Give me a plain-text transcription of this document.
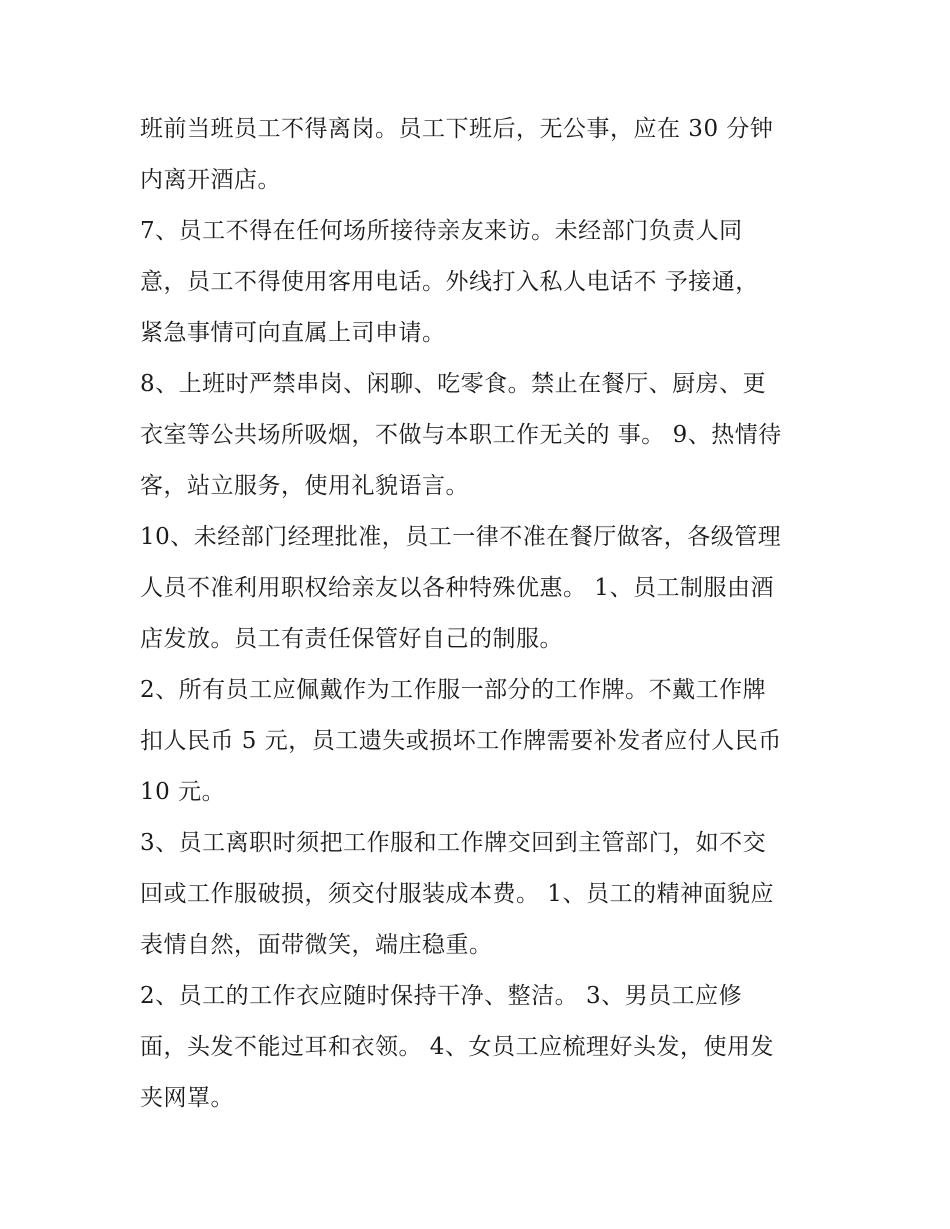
班前当班员工不得离岗。员工下班后，无公事，应在 30 分钟
内离开酒店。
7、员工不得在任何场所接待亲友来访。未经部门负责人同
意，员工不得使用客用电话。外线打入私人电话不 予接通，
紧急事情可向直属上司申请。
8、上班时严禁串岗、闲聊、吃零食。禁止在餐厅、厨房、更
衣室等公共场所吸烟，不做与本职工作无关的 事。 9、热情待
客，站立服务，使用礼貌语言。
10、未经部门经理批准，员工一律不准在餐厅做客，各级管理
人员不准利用职权给亲友以各种特殊优惠。 1、员工制服由酒
店发放。员工有责任保管好自己的制服。
2、所有员工应佩戴作为工作服一部分的工作牌。不戴工作牌
扣人民币 5 元，员工遗失或损坏工作牌需要补发者应付人民币
10 元。
3、员工离职时须把工作服和工作牌交回到主管部门，如不交
回或工作服破损，须交付服装成本费。 1、员工的精神面貌应
表情自然，面带微笑，端庄稳重。
2、员工的工作衣应随时保持干净、整洁。 3、男员工应修
面，头发不能过耳和衣领。 4、女员工应梳理好头发，使用发
夹网罩。
